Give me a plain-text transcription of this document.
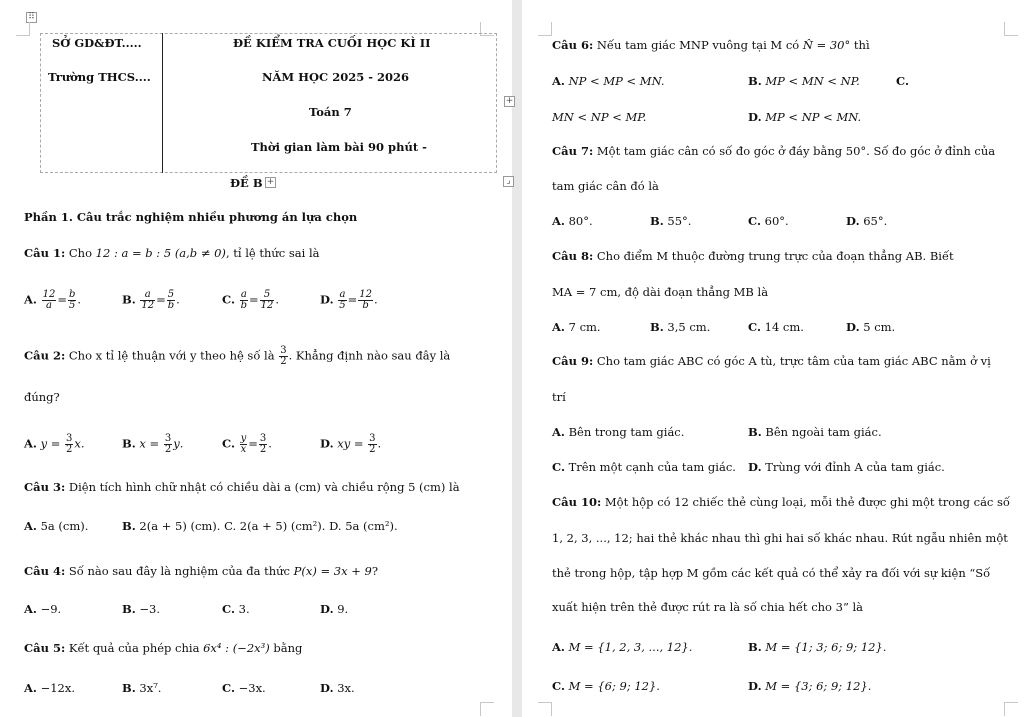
⠿
SỞ GD&ĐT.....
Trường THCS....
ĐỀ KIỂM TRA CUỐI HỌC KÌ II
NĂM HỌC 2025 - 2026
Toán 7
Thời gian làm bài 90 phút -
ĐỀ B +
Phần 1. Câu trắc nghiệm nhiều phương án lựa chọn
Câu 1: Cho 12 : a = b : 5 (a,b ≠ 0), tỉ lệ thức sai là
A. $\frac{12}{a} = \frac{b}{5}$ .	B. $\frac{a}{12} = \frac{5}{b}$ .	C. $\frac{a}{b} = \frac{5}{12}$ .	D. $\frac{a}{5} = \frac{12}{b}$ .
Câu 2: Cho x tỉ lệ thuận với y theo hệ số là $\frac{3}{2}$ . Khẳng định nào sau đây là
đúng?
A. $y = \frac{3}{2} x$.	B. $x = \frac{3}{2} y$.	C. $\frac{y}{x} = \frac{3}{2}$ .	D. xy = $\frac{3}{2}$ .
Câu 3: Diện tích hình chữ nhật có chiều dài a (cm) và chiều rộng 5 (cm) là
A. 5a (cm).	B. 2(a + 5) (cm). C. 2(a + 5) (cm²). D. 5a (cm²).
Câu 4: Số nào sau đây là nghiệm của đa thức P(x) = 3x + 9?
A. −9.	B. −3.	C. 3.	D. 9.
Câu 5: Kết quả của phép chia 6x⁴ : (−2x³) bằng
A. −12x.	B. 3x⁷.	C. −3x.	D. 3x.
+
⌟
Câu 6: Nếu tam giác MNP vuông tại M có N̂ = 30° thì
A. NP < MP < MN.	B. MP < MN < NP.	C.
MN < NP < MP.	D. MP < NP < MN.
Câu 7: Một tam giác cân có số đo góc ở đáy bằng 50°. Số đo góc ở đỉnh của
tam giác cân đó là
A. 80°.	B. 55°.	C. 60°.	D. 65°.
Câu 8: Cho điểm M thuộc đường trung trực của đoạn thẳng AB. Biết
MA = 7 cm, độ dài đoạn thẳng MB là
A. 7 cm.	B. 3,5 cm.	C. 14 cm.	D. 5 cm.
Câu 9: Cho tam giác ABC có góc A tù, trực tâm của tam giác ABC nằm ở vị
trí
A. Bên trong tam giác.	B. Bên ngoài tam giác.
C. Trên một cạnh của tam giác. D. Trùng với đỉnh A của tam giác.
Câu 10: Một hộp có 12 chiếc thẻ cùng loại, mỗi thẻ được ghi một trong các số
1, 2, 3, ..., 12; hai thẻ khác nhau thì ghi hai số khác nhau. Rút ngẫu nhiên một
thẻ trong hộp, tập hợp M gồm các kết quả có thể xảy ra đối với sự kiện “Số
xuất hiện trên thẻ được rút ra là số chia hết cho 3” là
A. M = {1, 2, 3, ..., 12}.	B. M = {1; 3; 6; 9; 12}.
C. M = {6; 9; 12}.	D. M = {3; 6; 9; 12}.
